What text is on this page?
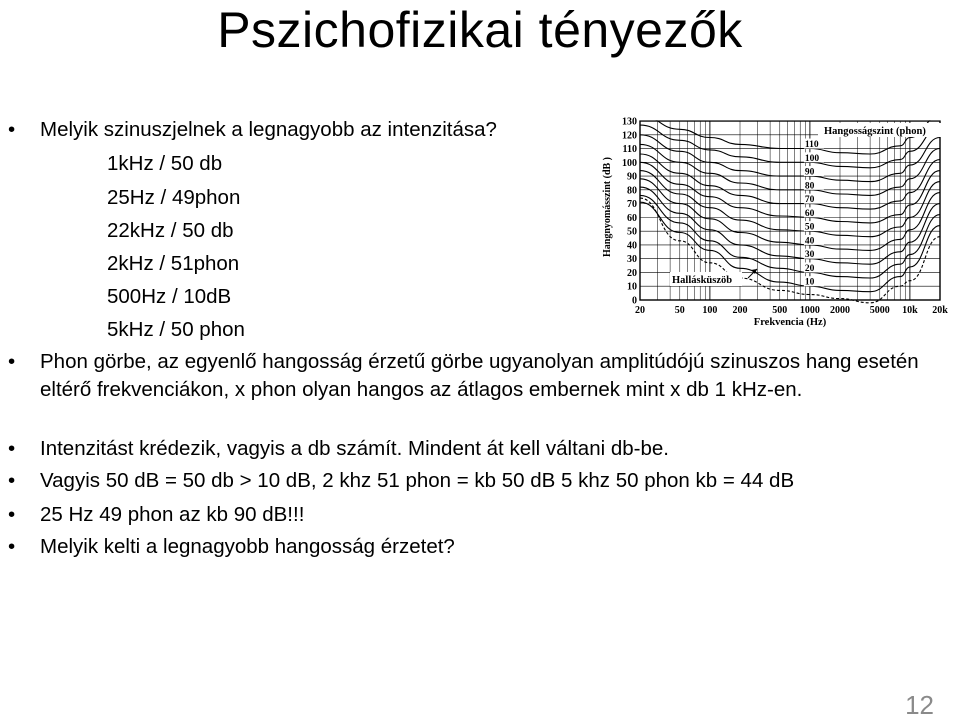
Pszichofizikai tényezők
• Melyik szinuszjelnek a legnagyobb az intenzitása?
1kHz / 50 db
25Hz / 49phon
22kHz / 50 db
2kHz / 51phon
500Hz / 10dB
5kHz / 50 phon
• Phon görbe, az egyenlő hangosság érzetű görbe ugyanolyan amplitúdójú szinuszos hang esetén eltérő frekvenciákon, x phon olyan hangos az átlagos embernek mint x db 1 kHz-en.
• Intenzitást krédezik, vagyis a db számít. Mindent át kell váltani db-be.
• Vagyis 50 dB = 50 db > 10 dB, 2 khz 51 phon = kb 50 dB 5 khz 50 phon kb = 44 dB
• 25 Hz 49 phon az kb 90 dB!!!
• Melyik kelti a legnagyobb hangosság érzetet?
12
130
120
110
100
90
80
70
60
50
40
30
20
10
0
20	50 100 200 500 1000 2000 5000 10k 20k
110
100
90
80
70
60
50
40
30
20
10
Hangosságszint (phon)
Hallásküszöb
Hangnyomásszint (dB )
Frekvencia (Hz)
